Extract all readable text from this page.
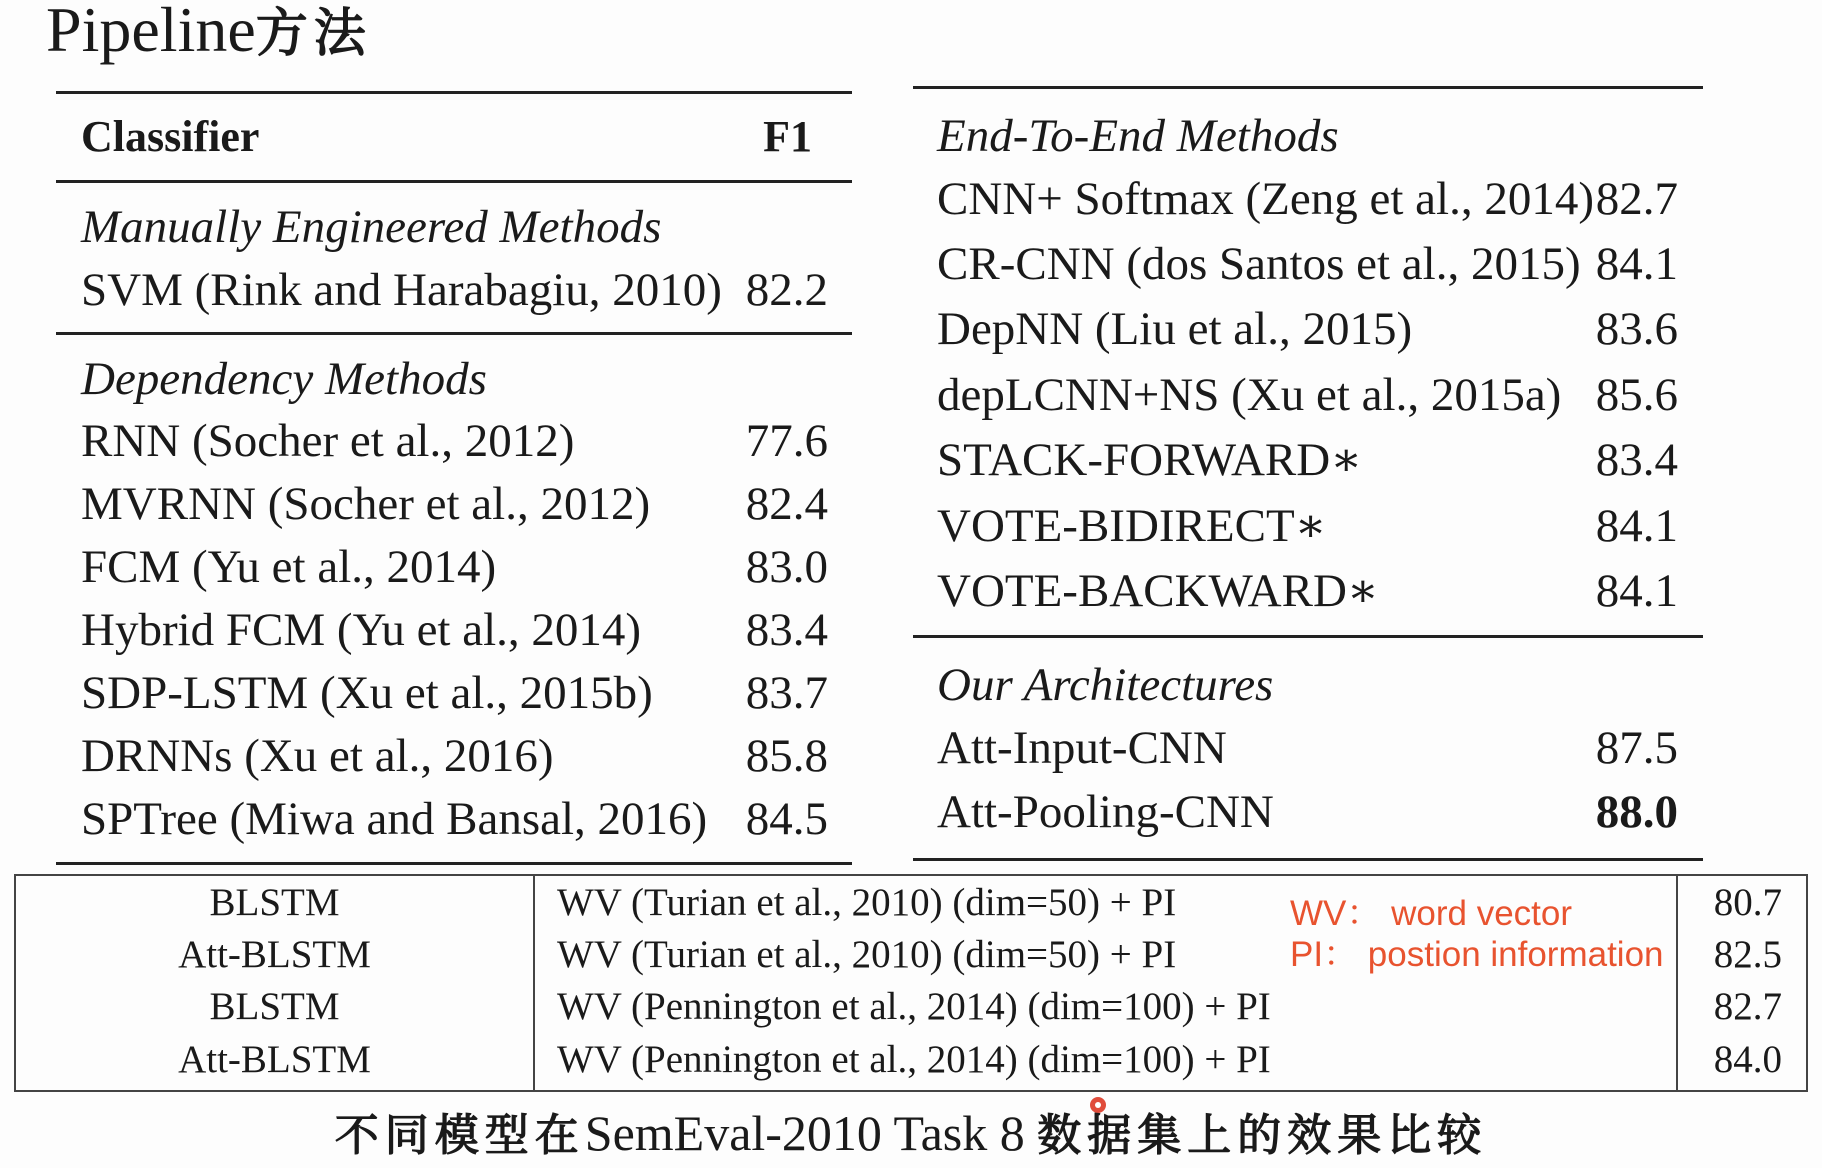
Pipeline方法
Classifier	F1
Manually Engineered Methods
SVM (Rink and Harabagiu, 2010) 82.2
Dependency Methods
RNN (Socher et al., 2012)	77.6
MVRNN (Socher et al., 2012)	82.4
FCM (Yu et al., 2014)	83.0
Hybrid FCM (Yu et al., 2014)	83.4
SDP-LSTM (Xu et al., 2015b)	83.7
DRNNs (Xu et al., 2016)	85.8
SPTree (Miwa and Bansal, 2016) 84.5
End-To-End Methods
CNN+ Softmax (Zeng et al., 2014) 82.7
CR-CNN (dos Santos et al., 2015) 84.1
DepNN (Liu et al., 2015)	83.6
depLCNN+NS (Xu et al., 2015a) 85.6
STACK-FORWARD∗	83.4
VOTE-BIDIRECT∗	84.1
VOTE-BACKWARD∗	84.1
Our Architectures
Att-Input-CNN	87.5
Att-Pooling-CNN	88.0
BLSTM	WV (Turian et al., 2010) (dim=50) + PI	80.7
Att-BLSTM	WV (Turian et al., 2010) (dim=50) + PI	82.5
BLSTM	WV (Pennington et al., 2014) (dim=100) + PI	82.7
Att-BLSTM	WV (Pennington et al., 2014) (dim=100) + PI	84.0
WV： word vector
PI： postion information
不同模型在SemEval-2010 Task 8 数据集上的效果比较
